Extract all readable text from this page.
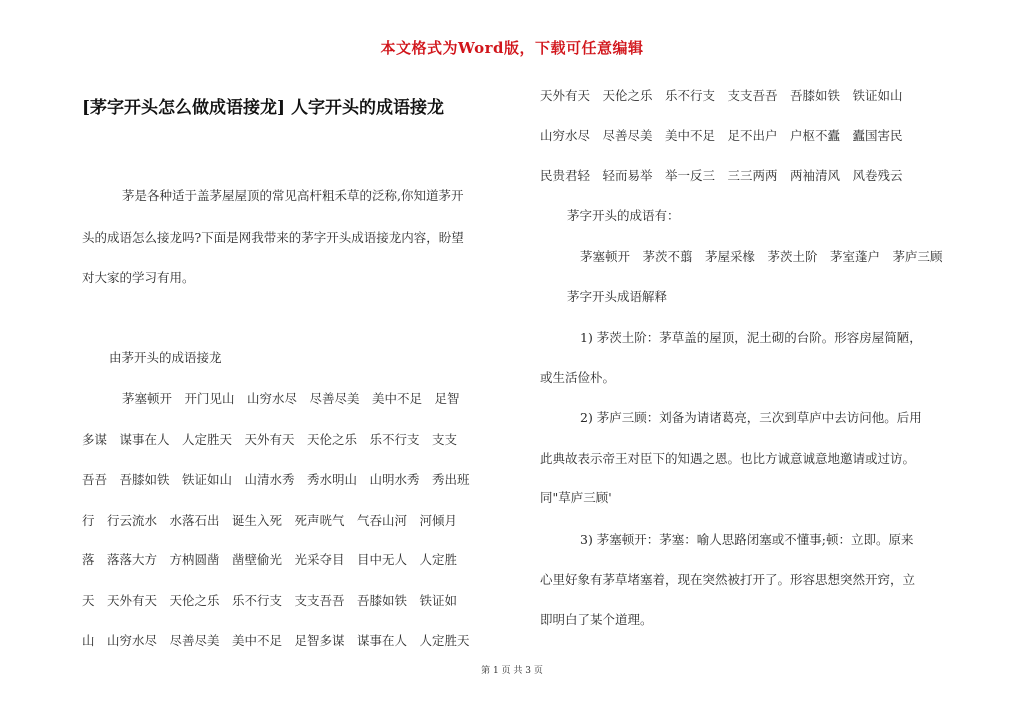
本文格式为Word版，下载可任意编辑
[茅字开头怎么做成语接龙] 人字开头的成语接龙
茅是各种适于盖茅屋屋顶的常见高杆粗禾草的泛称,你知道茅开
头的成语怎么接龙吗?下面是网我带来的茅字开头成语接龙内容，盼望
对大家的学习有用。
由茅开头的成语接龙
茅塞顿开　开门见山　山穷水尽　尽善尽美　美中不足　足智
多谋　谋事在人　人定胜天　天外有天　天伦之乐　乐不行支　支支
吾吾　吾膝如铁　铁证如山　山清水秀　秀水明山　山明水秀　秀出班
行　行云流水　水落石出　诞生入死　死声咣气　气吞山河　河倾月
落　落落大方　方枘圆凿　凿壁偷光　光采夺目　目中无人　人定胜
天　天外有天　天伦之乐　乐不行支　支支吾吾　吾膝如铁　铁证如
山　山穷水尽　尽善尽美　美中不足　足智多谋　谋事在人　人定胜天
天外有天　天伦之乐　乐不行支　支支吾吾　吾膝如铁　铁证如山
山穷水尽　尽善尽美　美中不足　足不出户　户枢不蠹　蠹国害民
民贵君轻　轻而易举　举一反三　三三两两　两袖清风　风卷残云
茅字开头的成语有：
茅塞顿开　茅茨不翦　茅屋采椽　茅茨土阶　茅室蓬户　茅庐三顾
茅字开头成语解释
1) 茅茨土阶：茅草盖的屋顶，泥土砌的台阶。形容房屋简陋，
或生活俭朴。
2) 茅庐三顾：刘备为请诸葛亮，三次到草庐中去访问他。后用
此典故表示帝王对臣下的知遇之恩。也比方诚意诚意地邀请或过访。
同"草庐三顾'
3) 茅塞顿开：茅塞：喻人思路闭塞或不懂事;顿：立即。原来
心里好象有茅草堵塞着，现在突然被打开了。形容思想突然开窍，立
即明白了某个道理。
第 1 页 共 3 页
